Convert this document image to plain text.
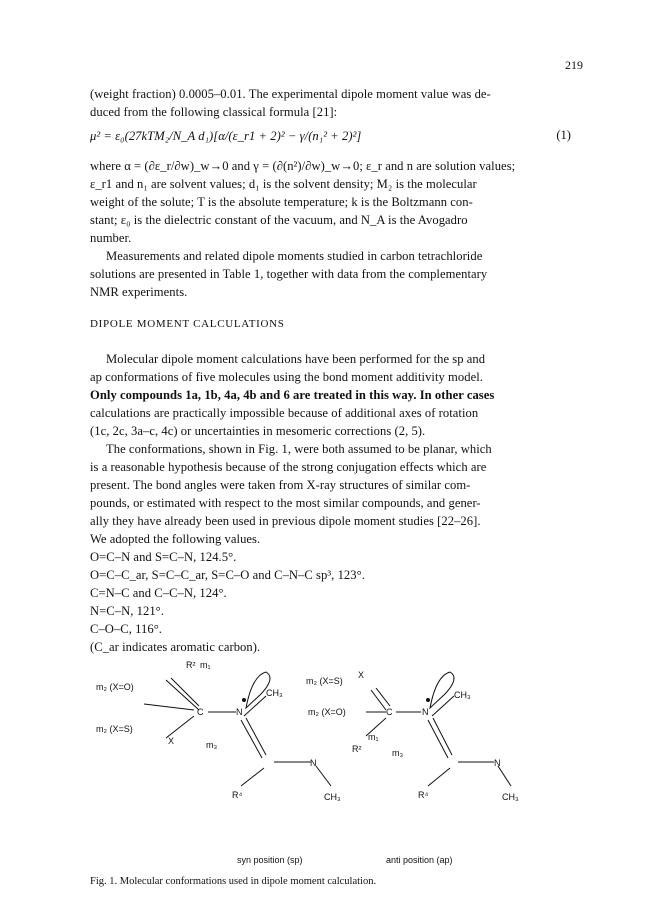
219
(weight fraction) 0.0005–0.01. The experimental dipole moment value was de-
duced from the following classical formula [21]:
μ² = ε₀(27kTM₂/N_A d₁)[α/(ε_r1 + 2)² − γ/(n₁² + 2)²]	(1)
where α = (∂ε_r/∂w)_w→0 and γ = (∂(n²)/∂w)_w→0; ε_r and n are solution values;
ε_r1 and n₁ are solvent values; d₁ is the solvent density; M₂ is the molecular
weight of the solute; T is the absolute temperature; k is the Boltzmann con-
stant; ε₀ is the dielectric constant of the vacuum, and N_A is the Avogadro
number.
Measurements and related dipole moments studied in carbon tetrachloride
solutions are presented in Table 1, together with data from the complementary
NMR experiments.
DIPOLE MOMENT CALCULATIONS
Molecular dipole moment calculations have been performed for the sp and
ap conformations of five molecules using the bond moment additivity model.
Only compounds 1a, 1b, 4a, 4b and 6 are treated in this way. In other cases
calculations are practically impossible because of additional axes of rotation
(1c, 2c, 3a–c, 4c) or uncertainties in mesomeric corrections (2, 5).
The conformations, shown in Fig. 1, were both assumed to be planar, which
is a reasonable hypothesis because of the strong conjugation effects which are
present. The bond angles were taken from X-ray structures of similar com-
pounds, or estimated with respect to the most similar compounds, and gener-
ally they have already been used in previous dipole moment studies [22–26].
We adopted the following values.
O=C–N and S=C–N, 124.5°.
O=C–C_ar, S=C–C_ar, S=C–O and C–N–C sp³, 123°.
C=N–C and C–C–N, 124°.
N=C–N, 121°.
C–O–C, 116°.
(C_ar indicates aromatic carbon).
R² m₁
m₂ (X=O)
m₂ (X=S)
X
C	N
CH₃
m₃
N
R⁴	CH₃
m₂ (X=S)
X
m₂ (X=O)	C	N
CH₃
R²
m₁
m₃
N
R⁴	CH₃
syn position (sp)	anti position (ap)
Fig. 1. Molecular conformations used in dipole moment calculation.
